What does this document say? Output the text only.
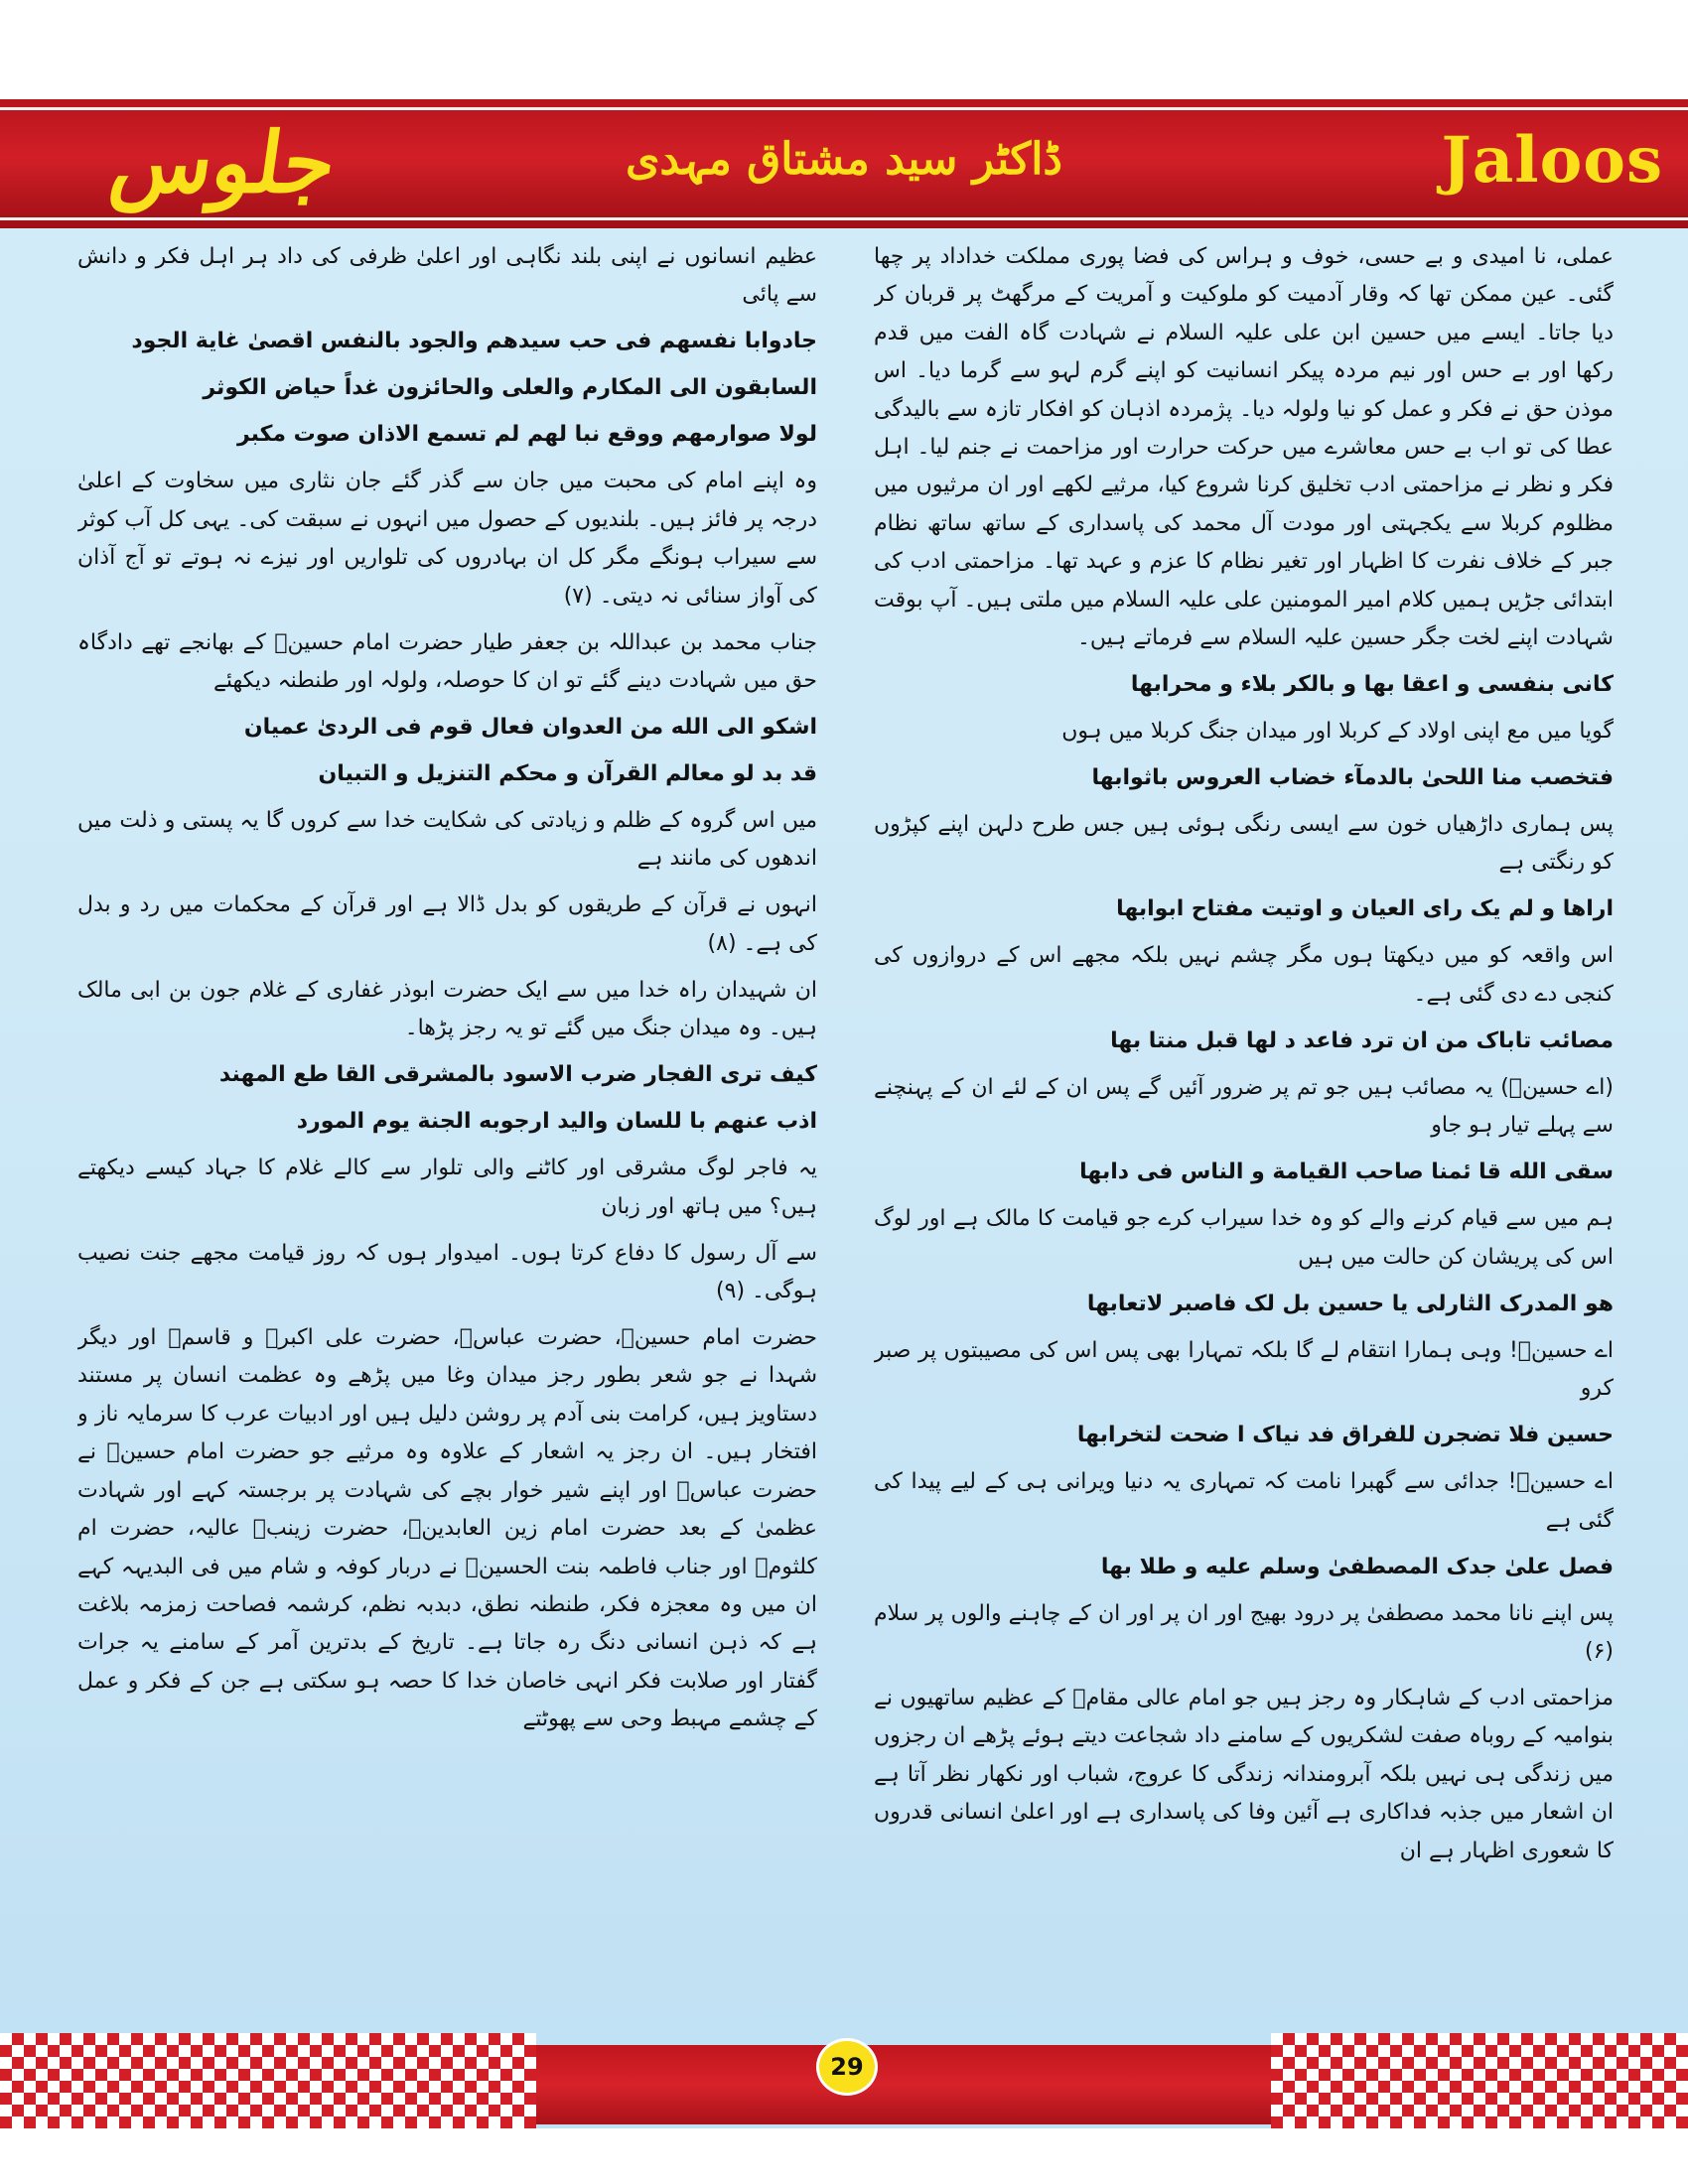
جلوس	ڈاکٹر سید مشتاق مہدی	Jaloos
عملی، نا امیدی و بے حسی، خوف و ہراس کی فضا پوری مملکت خداداد پر چھا گئی۔ عین ممکن تھا کہ وقار آدمیت کو ملوکیت و آمریت کے مرگھٹ پر قربان کر دیا جاتا۔ ایسے میں حسین ابن علی علیہ السلام نے شہادت گاہ الفت میں قدم رکھا اور بے حس اور نیم مردہ پیکر انسانیت کو اپنے گرم لہو سے گرما دیا۔ اس موذن حق نے فکر و عمل کو نیا ولولہ دیا۔ پژمردہ اذہان کو افکار تازہ سے بالیدگی عطا کی تو اب بے حس معاشرے میں حرکت حرارت اور مزاحمت نے جنم لیا۔ اہل فکر و نظر نے مزاحمتی ادب تخلیق کرنا شروع کیا، مرثیے لکھے اور ان مرثیوں میں مظلوم کربلا سے یکجہتی اور مودت آل محمد کی پاسداری کے ساتھ ساتھ نظام جبر کے خلاف نفرت کا اظہار اور تغیر نظام کا عزم و عہد تھا۔ مزاحمتی ادب کی ابتدائی جڑیں ہمیں کلام امیر المومنین علی علیہ السلام میں ملتی ہیں۔ آپ بوقت شہادت اپنے لخت جگر حسین علیہ السلام سے فرماتے ہیں۔
کانی بنفسی و اعقا بها و بالکر بلاء و محرابها
گویا میں مع اپنی اولاد کے کربلا اور میدان جنگ کربلا میں ہوں
فتخصب منا اللحیٰ بالدمآء خضاب العروس باثوابها
پس ہماری داڑھیاں خون سے ایسی رنگی ہوئی ہیں جس طرح دلہن اپنے کپڑوں کو رنگتی ہے
اراها و لم یک رای العیان و اوتیت مفتاح ابوابها
اس واقعہ کو میں دیکھتا ہوں مگر چشم نہیں بلکہ مجھے اس کے دروازوں کی کنجی دے دی گئی ہے۔
مصائب تاباک من ان ترد فاعد د لها قبل منتا بها
(اے حسینؑ) یہ مصائب ہیں جو تم پر ضرور آئیں گے پس ان کے لئے ان کے پہنچنے سے پہلے تیار ہو جاو
سقی الله قا ئمنا صاحب القیامة و الناس فی دابها
ہم میں سے قیام کرنے والے کو وہ خدا سیراب کرے جو قیامت کا مالک ہے اور لوگ اس کی پریشان کن حالت میں ہیں
هو المدرک الثارلی یا حسین بل لک فاصبر لاتعابها
اے حسینؑ! وہی ہمارا انتقام لے گا بلکہ تمہارا بھی پس اس کی مصیبتوں پر صبر کرو
حسین فلا تضجرن للفراق فد نیاک ا ضحت لتخرابها
اے حسینؑ! جدائی سے گھبرا نامت کہ تمہاری یہ دنیا ویرانی ہی کے لیے پیدا کی گئی ہے
فصل علیٰ جدک المصطفیٰ وسلم علیه و طلا بها
پس اپنے نانا محمد مصطفیٰ پر درود بھیج اور ان پر اور ان کے چاہنے والوں پر سلام (۶)
مزاحمتی ادب کے شاہکار وہ رجز ہیں جو امام عالی مقامؑ کے عظیم ساتھیوں نے بنوامیہ کے روباہ صفت لشکریوں کے سامنے داد شجاعت دیتے ہوئے پڑھے ان رجزوں میں زندگی ہی نہیں بلکہ آبرومندانہ زندگی کا عروج، شباب اور نکھار نظر آتا ہے ان اشعار میں جذبہ فداکاری ہے آئین وفا کی پاسداری ہے اور اعلیٰ انسانی قدروں کا شعوری اظہار ہے ان
عظیم انسانوں نے اپنی بلند نگاہی اور اعلیٰ ظرفی کی داد ہر اہل فکر و دانش سے پائی
جادوابا نفسهم فی حب سیدهم والجود بالنفس اقصیٰ غایة الجود
السابقون الی المکارم والعلی والحائزون غداً حیاض الکوثر
لولا صوارمهم ووقع نبا لهم لم تسمع الاذان صوت مکبر
وہ اپنے امام کی محبت میں جان سے گذر گئے جان نثاری میں سخاوت کے اعلیٰ درجہ پر فائز ہیں۔ بلندیوں کے حصول میں انہوں نے سبقت کی۔ یہی کل آب کوثر سے سیراب ہونگے مگر کل ان بہادروں کی تلواریں اور نیزے نہ ہوتے تو آج آذان کی آواز سنائی نہ دیتی۔ (۷)
جناب محمد بن عبداللہ بن جعفر طیار حضرت امام حسینؑ کے بھانجے تھے دادگاہ حق میں شہادت دینے گئے تو ان کا حوصلہ، ولولہ اور طنطنہ دیکھئے
اشکو الی الله من العدوان فعال قوم فی الردیٰ عمیان
قد بد لو معالم القرآن و محکم التنزیل و التبیان
میں اس گروہ کے ظلم و زیادتی کی شکایت خدا سے کروں گا یہ پستی و ذلت میں اندھوں کی مانند ہے
انہوں نے قرآن کے طریقوں کو بدل ڈالا ہے اور قرآن کے محکمات میں رد و بدل کی ہے۔ (۸)
ان شہیدان راہ خدا میں سے ایک حضرت ابوذر غفاری کے غلام جون بن ابی مالک ہیں۔ وہ میدان جنگ میں گئے تو یہ رجز پڑھا۔
کیف تری الفجار ضرب الاسود بالمشرقی القا طع المهند
اذب عنهم با للسان والید ارجوبه الجنة یوم المورد
یہ فاجر لوگ مشرقی اور کاٹنے والی تلوار سے کالے غلام کا جہاد کیسے دیکھتے ہیں؟ میں ہاتھ اور زبان
سے آل رسول کا دفاع کرتا ہوں۔ امیدوار ہوں کہ روز قیامت مجھے جنت نصیب ہوگی۔ (۹)
حضرت امام حسینؑ، حضرت عباسؑ، حضرت علی اکبرؑ و قاسمؑ اور دیگر شہدا نے جو شعر بطور رجز میدان وغا میں پڑھے وہ عظمت انسان پر مستند دستاویز ہیں، کرامت بنی آدم پر روشن دلیل ہیں اور ادبیات عرب کا سرمایہ ناز و افتخار ہیں۔ ان رجز یہ اشعار کے علاوہ وہ مرثیے جو حضرت امام حسینؑ نے حضرت عباسؑ اور اپنے شیر خوار بچے کی شہادت پر برجستہ کہے اور شہادت عظمیٰ کے بعد حضرت امام زین العابدینؑ، حضرت زینبؑ عالیہ، حضرت ام کلثومؑ اور جناب فاطمہ بنت الحسینؑ نے دربار کوفہ و شام میں فی البدیہہ کہے ان میں وہ معجزہ فکر، طنطنہ نطق، دبدبہ نظم، کرشمہ فصاحت زمزمہ بلاغت ہے کہ ذہن انسانی دنگ رہ جاتا ہے۔ تاریخ کے بدترین آمر کے سامنے یہ جرات گفتار اور صلابت فکر انہی خاصان خدا کا حصہ ہو سکتی ہے جن کے فکر و عمل کے چشمے مہبط وحی سے پھوٹتے
29
